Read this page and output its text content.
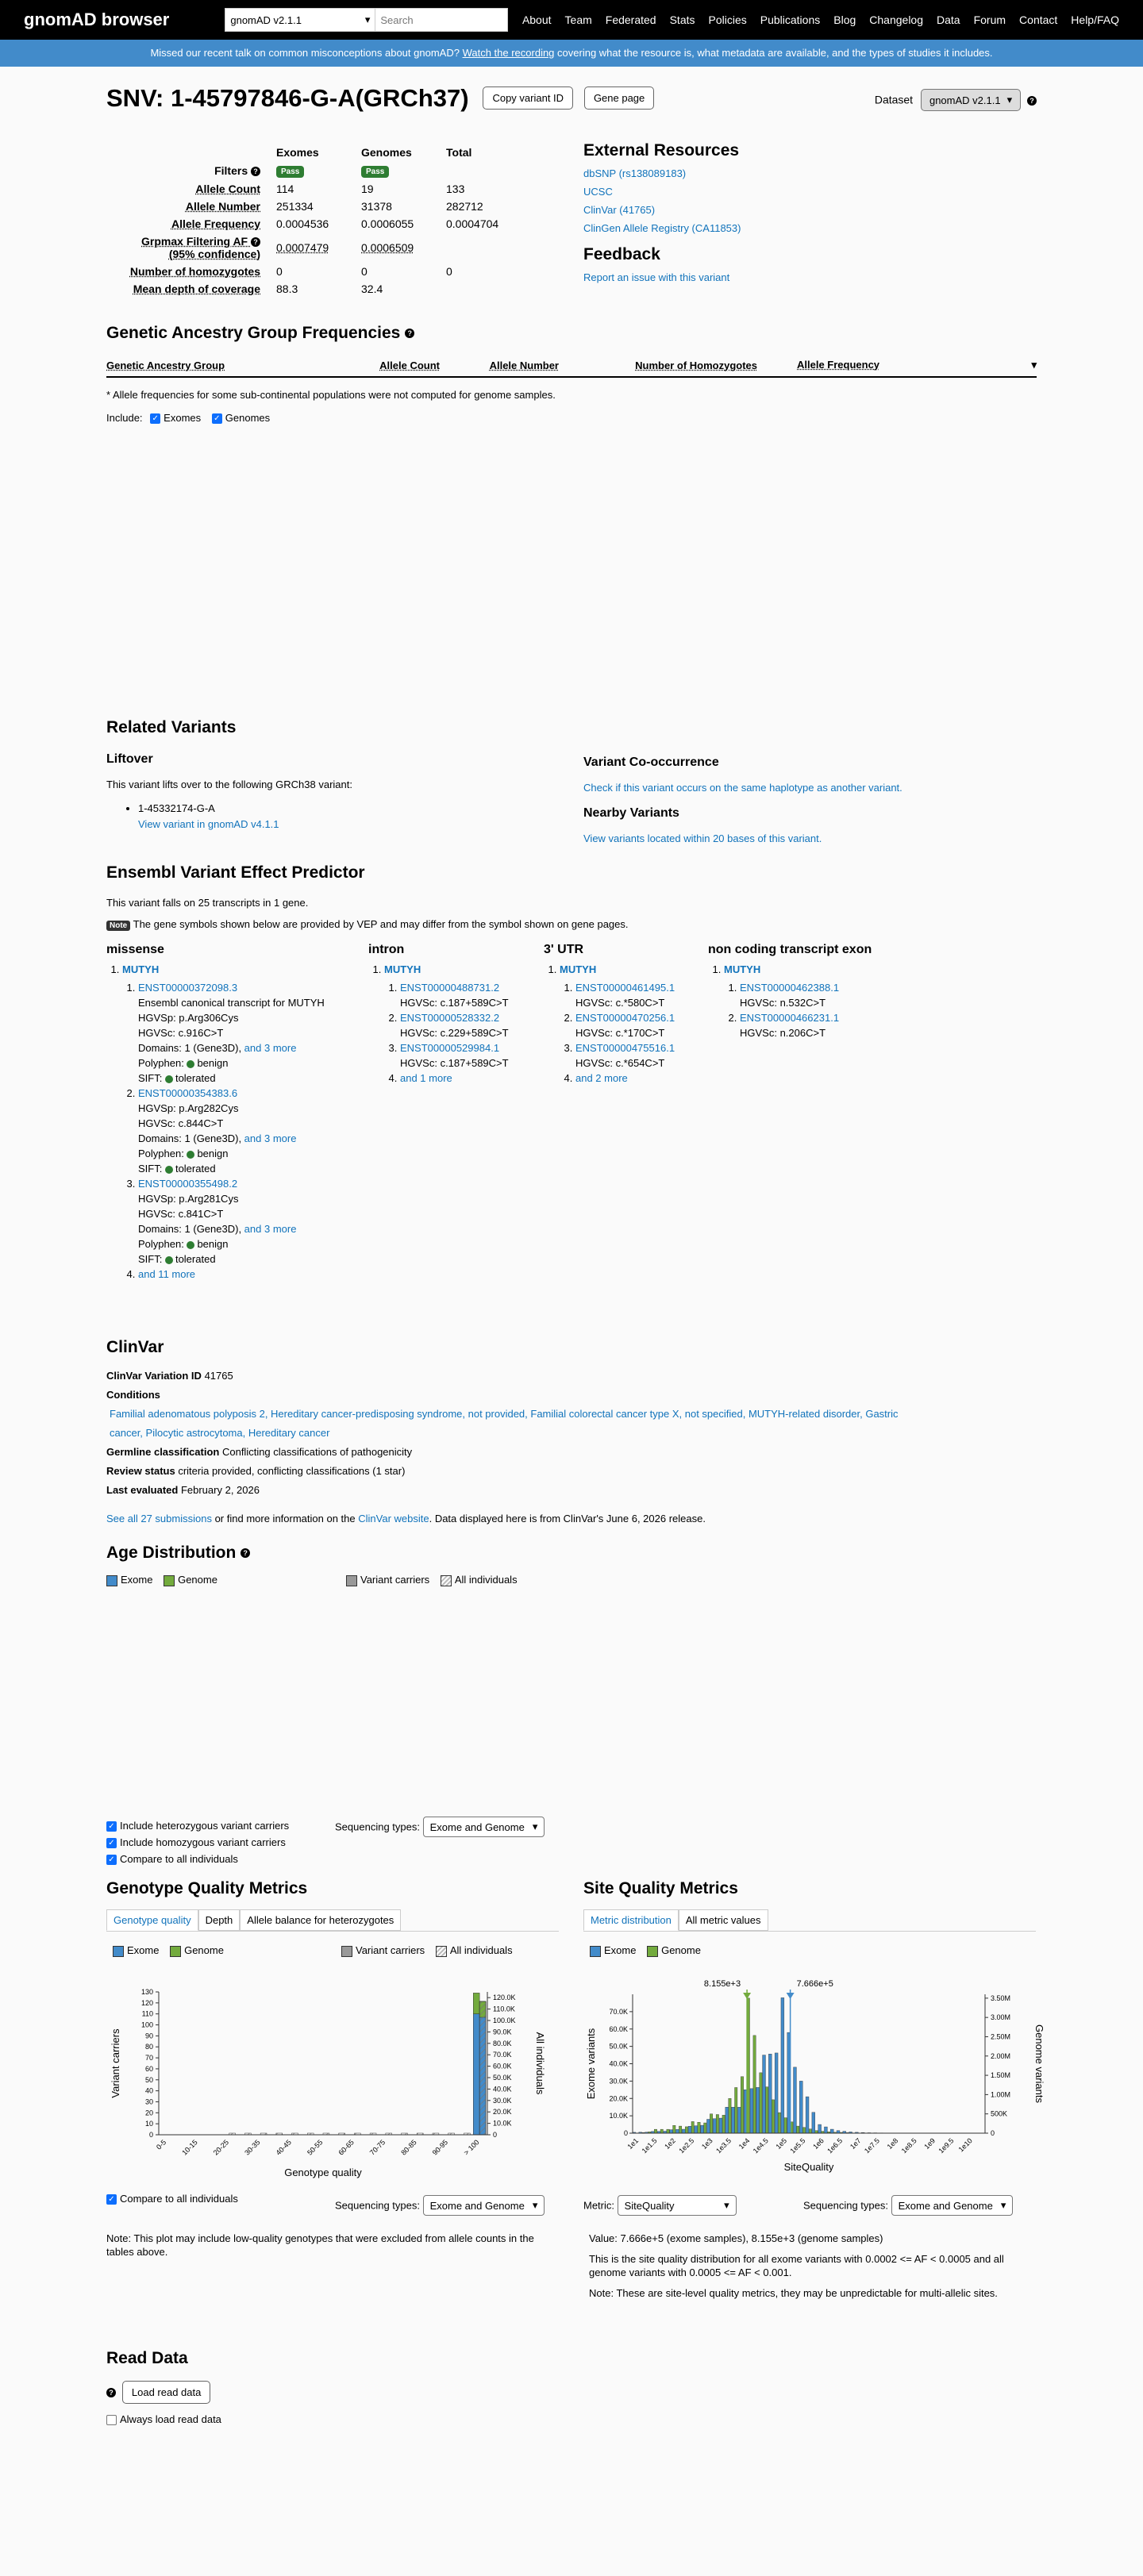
gnomAD browser	gnomAD v2.1.1	▾	Search	About Team Federated Stats Policies Publications Blog Changelog Data Forum Contact Help/FAQ
Missed our recent talk on common misconceptions about gnomAD? Watch the recording covering what the resource is, what metadata are available, and the types of studies it includes.
SNV: 1-45797846-G-A(GRCh37) Copy variant ID	Gene page	Dataset gnomAD v2.1.1 ▾ ?
	Exomes	Genomes	Total
Filters ?	Pass	Pass	
Allele Count	114	19	133
Allele Number	251334	31378	282712
Allele Frequency	0.0004536	0.0006055	0.0004704
Grpmax Filtering AF ?
(95% confidence)	0.0007479	0.0006509	
Number of homozygotes	0	0	0
Mean depth of coverage	88.3	32.4	
External Resources
dbSNP (rs138089183)
UCSC
ClinVar (41765)
ClinGen Allele Registry (CA11853)
Feedback
Report an issue with this variant
Genetic Ancestry Group Frequencies ?
Genetic Ancestry Group	Allele Count	Allele Number	Number of Homozygotes	Allele Frequency	▾
* Allele frequencies for some sub-continental populations were not computed for genome samples.
Include: ✓ Exomes ✓ Genomes
Related Variants
Liftover
This variant lifts over to the following GRCh38 variant:
• 1-45332174-G-A
View variant in gnomAD v4.1.1
Variant Co-occurrence
Check if this variant occurs on the same haplotype as another variant.
Nearby Variants
View variants located within 20 bases of this variant.
Ensembl Variant Effect Predictor
This variant falls on 25 transcripts in 1 gene.
Note The gene symbols shown below are provided by VEP and may differ from the symbol shown on gene pages.
missense
1. MUTYH
1. ENST00000372098.3
Ensembl canonical transcript for MUTYH
HGVSp: p.Arg306Cys
HGVSc: c.916C>T
Domains: 1 (Gene3D), and 3 more
Polyphen: benign
SIFT: tolerated
2. ENST00000354383.6
HGVSp: p.Arg282Cys
HGVSc: c.844C>T
Domains: 1 (Gene3D), and 3 more
Polyphen: benign
SIFT: tolerated
3. ENST00000355498.2
HGVSp: p.Arg281Cys
HGVSc: c.841C>T
Domains: 1 (Gene3D), and 3 more
Polyphen: benign
SIFT: tolerated
4. and 11 more
intron
1. MUTYH
1. ENST00000488731.2
HGVSc: c.187+589C>T
2. ENST00000528332.2
HGVSc: c.229+589C>T
3. ENST00000529984.1
HGVSc: c.187+589C>T
4. and 1 more
3' UTR
1. MUTYH
1. ENST00000461495.1
HGVSc: c.*580C>T
2. ENST00000470256.1
HGVSc: c.*170C>T
3. ENST00000475516.1
HGVSc: c.*654C>T
4. and 2 more
non coding transcript exon
1. MUTYH
1. ENST00000462388.1
HGVSc: n.532C>T
2. ENST00000466231.1
HGVSc: n.206C>T
ClinVar
ClinVar Variation ID 41765
Conditions
Familial adenomatous polyposis 2, Hereditary cancer-predisposing syndrome, not provided, Familial colorectal cancer type X, not specified, MUTYH-related disorder, Gastric
cancer, Pilocytic astrocytoma, Hereditary cancer
Germline classification Conflicting classifications of pathogenicity
Review status criteria provided, conflicting classifications (1 star)
Last evaluated February 2, 2026
See all 27 submissions or find more information on the ClinVar website. Data displayed here is from ClinVar's June 6, 2026 release.
Age Distribution ?
Exome Genome	Variant carriers All individuals
✓ Include heterozygous variant carriers
✓ Include homozygous variant carriers
✓ Compare to all individuals
Sequencing types: Exome and Genome ▾
Genotype Quality Metrics
Genotype quality Depth Allele balance for heterozygotes
Exome Genome	Variant carriers All individuals
Variant carriers	All individuals
0
10
20
30
40
50
60
70
80
90
100
110
120
130
0
10.0K
20.0K
30.0K
40.0K
50.0K
60.0K
70.0K
80.0K
90.0K
100.0K
110.0K
120.0K
0-5 10-15 20-25 30-35 40-45 50-55 60-65 70-75 80-85 90-95 > 100
Genotype quality
✓ Compare to all individuals
Sequencing types: Exome and Genome ▾
Note: This plot may include low-quality genotypes that were excluded from allele counts in the tables above.
Site Quality Metrics
Metric distribution All metric values
Exome Genome
Exome variants	Genome variants
0
10.0K
20.0K
30.0K
40.0K
50.0K
60.0K
70.0K
0
500K
1.00M
1.50M
2.00M
2.50M
3.00M
3.50M
1e1 1e1.5 1e2 1e2.5 1e3 1e3.5 1e4 1e4.5 1e5 1e5.5 1e6 1e6.5 1e7 1e7.5 1e8 1e8.5 1e9 1e9.5 1e10
8.155e+3	7.666e+5
SiteQuality
Metric: SiteQuality	▾	Sequencing types: Exome and Genome ▾
Value: 7.666e+5 (exome samples), 8.155e+3 (genome samples)
This is the site quality distribution for all exome variants with 0.0002 <= AF < 0.0005 and all genome variants with 0.0005 <= AF < 0.001.
Note: These are site-level quality metrics, they may be unpredictable for multi-allelic sites.
Read Data
? Load read data
Always load read data
